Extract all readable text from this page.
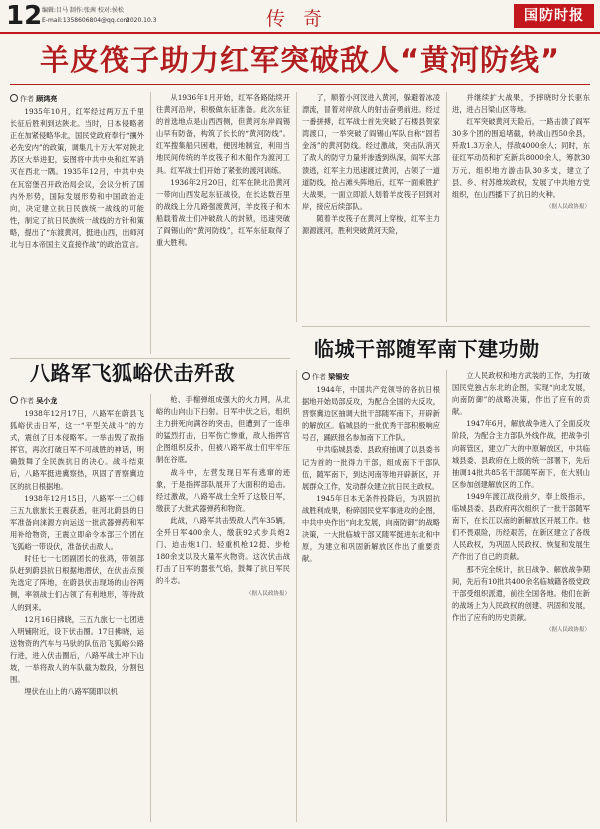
12 编辑:目马 制作:张茜 校对:侯松
E-mail:1358606804@qq.com
2020.10.3	传 奇	国防时报
羊皮筏子助力红军突破敌人“黄河防线”

作者 顾鸿亮

1935年10月，红军经过两万五千里长征后胜利到达陕北。当时，日本侵略者正在加紧侵略华北，国民党政府奉行“攘外必先安内”的政策，调集几十万大军对陕北苏区大举进犯，妄图将中共中央和红军消灭在西北一隅。1935年12月，中共中央在瓦窑堡召开政治局会议，会议分析了国内外形势，国际发展形势和中国政治走向，决定建立抗日民族统一战线的可能性，制定了抗日民族统一战线的方针和策略，提出了“东渡黄河，挺进山西，出师河北与日本帝国主义直接作战”的政治宣言。

从1936年1月开始，红军各路陆续开往黄河沿岸，积极做东征准备。此次东征的首选地点是山西西侧，但黄河东岸阎锡山早有防备，构筑了长长的“黄河防线”。红军搜集船只困难，便因地制宜，利用当地民间传统的羊皮筏子和木船作为渡河工具。红军战士们开始了紧张的渡河训练。

1936年2月20日，红军在陕北沿黄河一带向山西发起东征战役，在长达数百里的战线上分几路强渡黄河，羊皮筏子和木船载着战士们冲破敌人的封锁，迅速突破了阎锡山的“黄河防线”，红军东征取得了重大胜利。

了，顺着小河汊进入黄河，躲避着冰凌漂流，冒着对岸敌人的射击奋勇前进。经过一番拼搏，红军战士首先突破了石楼县贺家湾渡口，一举突破了阎锡山军队自称“固若金汤”的黄河防线。经过激战，突击队消灭了敌人的防守力量并渗透到纵深，阎军大部溃逃，红军主力迅速渡过黄河，占领了一道道防线，抢占滩头阵地后，红军一面乘胜扩大战果，一面立即派人划着羊皮筏子回到对岸，接应后续部队。

随着羊皮筏子在黄河上穿梭，红军主力源源渡河，胜利突破黄河天险，

并继续扩大战果，予摔晓时分长驱东进，进占吕梁山区等地。

红军突破黄河天险后，一路击溃了阎军30多个团的围追堵截，转战山西50余县，歼敌1.3万余人，俘敌4000余人；同时，东征红军动员和扩充新兵8000余人，筹款30万元，组织地方游击队30多支，建立了县、乡、村苏维埃政权，发展了中共地方党组织，在山西播下了抗日的火种。

（据人民政协报）

临城干部随军南下建功勋

作者 梁锡安

1944年，中国共产党领导的各抗日根据地开始局部反攻，为配合全国的大反攻，晋察冀边区抽调大批干部随军南下，开辟新的解放区。临城县的一批优秀干部积极响应号召，踊跃报名参加南下工作队。

中共临城县委、县政府抽调了以县委书记为首的一批得力干部，组成南下干部队伍，随军南下，到达河南等地开辟新区，开展群众工作，发动群众建立抗日民主政权。

1945年日本无条件投降后，为巩固抗战胜利成果，粉碎国民党军事进攻的企图，中共中央作出“向北发展，向南防御”的战略决策，一大批临城干部又随军挺进东北和中原，为建立和巩固新解放区作出了重要贡献。

立人民政权和地方武装的工作，为打破国民党独占东北的企图，实现“向北发展，向南防御”的战略决策，作出了应有的贡献。

1947年6月，解放战争进入了全面反攻阶段，为配合主力部队外线作战，把战争引向蒋管区，建立广大的中原解放区，中共临城县委、县政府在上级的统一部署下，先后抽调14批共85名干部随军南下，在大别山区参加创建解放区的工作。

1949年渡江战役前夕，奉上级指示，临城县委、县政府再次组织了一批干部随军南下，在长江以南的新解放区开展工作。他们不畏艰险，历经艰苦，在新区建立了各级人民政权，为巩固人民政权、恢复和发展生产作出了自己的贡献。

那不完全统计，抗日战争、解放战争期间，先后有10批共400余名临城籍各级党政干部受组织派遣，前往全国各地。他们在新的战场上为人民政权的创建、巩固和发展，作出了应有的历史贡献。

（据人民政协报）

八路军飞狐峪伏击歼敌

作者 吴小龙

1938年12月17日，八路军在蔚县飞狐峪伏击日军，这一“平型关战斗”的方式，震创了日本侵略军。一举击毁了敌指挥官，再次打破日军不可战胜的神话，明确鼓舞了全民族抗日的决心。战斗结束后，八路军挺进冀察热，巩固了晋察冀边区的抗日根据地。

1938年12月15日，八路军一二〇师三五九旅旅长王震获悉，驻河北蔚县的日军准备向涞源方向运送一批武器弹药和军用补给物资，王震立即命令本部三个团在飞狐峪一带设伏，准备伏击敌人。

时任七一七团副团长的张鸿，带领部队赶到蔚县抗日根据地潜伏，在伏击点预先选定了阵地，在蔚县伏击现场的山谷两侧，率领战士们占领了有利地形，等待敌人的到来。

12月16日拂晓，三五九旅七一七团进入明铺附近，设下伏击圈。17日拂晓，运送物资的汽车与马驮的队伍沿飞狐峪公路行进，进入伏击圈后，八路军战士冲下山坡，一举将敌人的车队截为数段，分割包围。

埋伏在山上的八路军随即以机

枪、手榴弹组成强大的火力网，从北峪的山向山下扫射。日军中伏之后，组织主力拼死向满谷的突击，但遭到了一连串的猛烈打击，日军伤亡惨重，敌人指挥官企图组织反扑，但被八路军战士们牢牢压制在谷底。

战斗中，左营发现日军有逃窜的迹象，于是指挥部队展开了大面积的追击。经过激战，八路军战士全歼了这股日军，缴获了大批武器弹药和物资。

此战，八路军共击毁敌人汽车35辆，全歼日军400余人，缴获92式步兵炮2门、迫击炮1门、轻重机枪12挺、步枪180余支以及大量军火物资。这次伏击战打击了日军的嚣张气焰，鼓舞了抗日军民的斗志。

（据人民政协报）
